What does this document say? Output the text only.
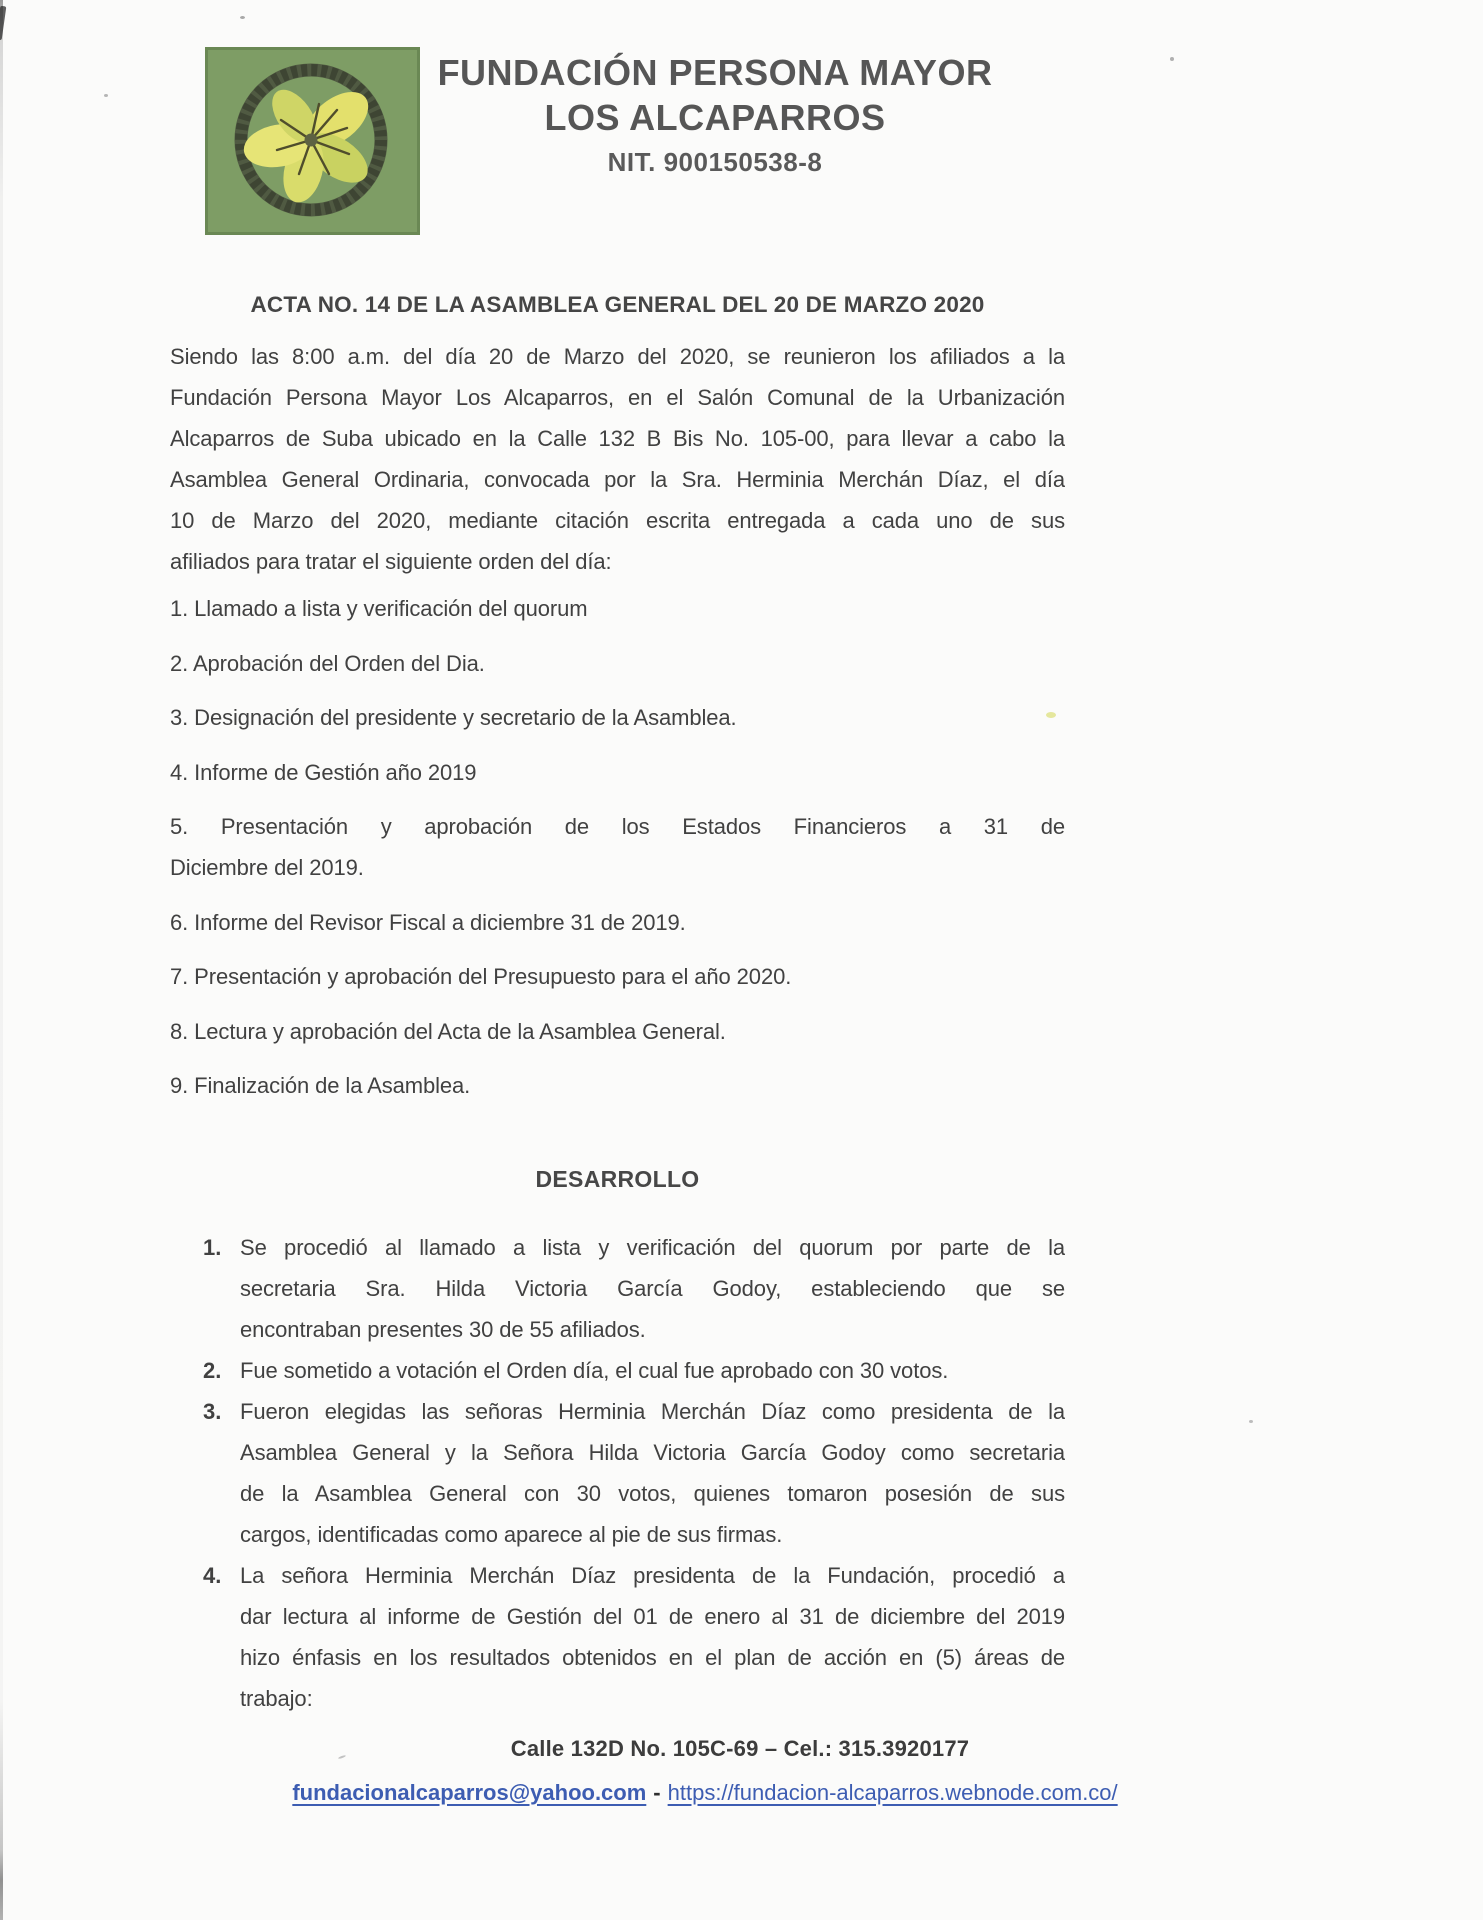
FUNDACIÓN PERSONA MAYOR
LOS ALCAPARROS
NIT. 900150538-8
ACTA NO. 14 DE LA ASAMBLEA GENERAL DEL 20 DE MARZO 2020
Siendo las 8:00 a.m. del día 20 de Marzo del 2020, se reunieron los afiliados a la
Fundación Persona Mayor Los Alcaparros, en el Salón Comunal de la Urbanización
Alcaparros de Suba ubicado en la Calle 132 B Bis No. 105-00, para llevar a cabo la
Asamblea General Ordinaria, convocada por la Sra. Herminia Merchán Díaz, el día
10 de Marzo del 2020, mediante citación escrita entregada a cada uno de sus
afiliados para tratar el siguiente orden del día:
1. Llamado a lista y verificación del quorum
2. Aprobación del Orden del Dia.
3. Designación del presidente y secretario de la Asamblea.
4. Informe de Gestión año 2019
5. Presentación y aprobación de los Estados Financieros a 31 de
Diciembre del 2019.
6. Informe del Revisor Fiscal a diciembre 31 de 2019.
7. Presentación y aprobación del Presupuesto para el año 2020.
8. Lectura y aprobación del Acta de la Asamblea General.
9. Finalización de la Asamblea.
DESARROLLO
1. Se procedió al llamado a lista y verificación del quorum por parte de la
secretaria Sra. Hilda Victoria García Godoy, estableciendo que se
encontraban presentes 30 de 55 afiliados.
2. Fue sometido a votación el Orden día, el cual fue aprobado con 30 votos.
3. Fueron elegidas las señoras Herminia Merchán Díaz como presidenta de la
Asamblea General y la Señora Hilda Victoria García Godoy como secretaria
de la Asamblea General con 30 votos, quienes tomaron posesión de sus
cargos, identificadas como aparece al pie de sus firmas.
4. La señora Herminia Merchán Díaz presidenta de la Fundación, procedió a
dar lectura al informe de Gestión del 01 de enero al 31 de diciembre del 2019
hizo énfasis en los resultados obtenidos en el plan de acción en (5) áreas de
trabajo:
Calle 132D No. 105C-69 – Cel.: 315.3920177
fundacionalcaparros@yahoo.com - https://fundacion-alcaparros.webnode.com.co/
